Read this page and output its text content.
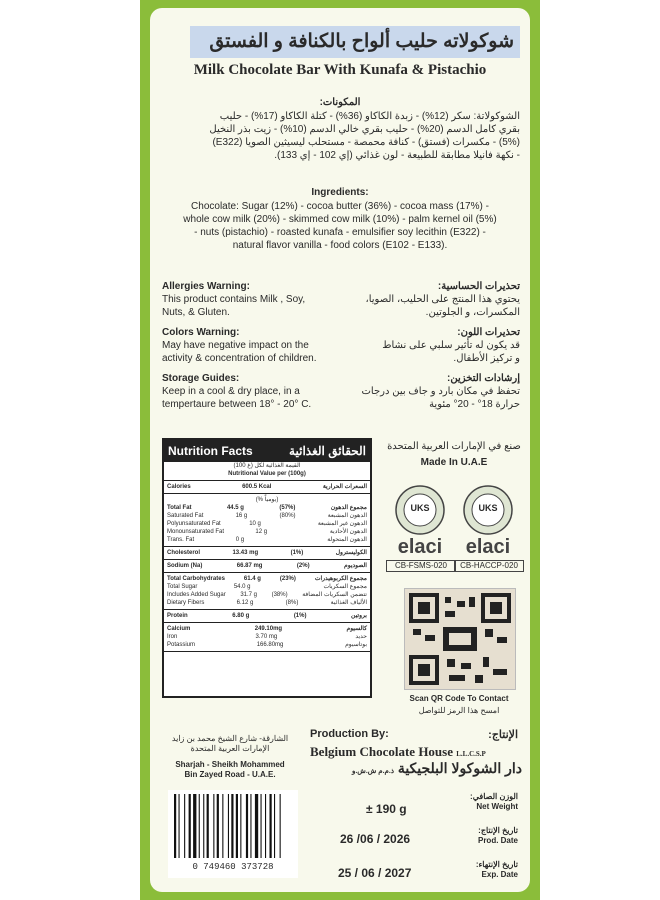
شوكولاته حليب ألواح بالكنافة و الفستق
Milk Chocolate Bar With Kunafa & Pistachio
المكونات:
الشوكولاتة: سكر (12%) - زبدة الكاكاو (36%) - كتلة الكاكاو (17%) - حليب
بقري كامل الدسم (20%) - حليب بقري خالي الدسم (10%) - زيت بذر النخيل
(5%) - مكسرات (فستق) - كنافة محمصة - مستحلب ليسيثين الصويا (E322)
- نكهة فانيلا مطابقة للطبيعة - لون غذائي (إي 102 - إي 133).
Ingredients:
Chocolate: Sugar (12%) - cocoa butter (36%) - cocoa mass (17%) -
whole cow milk (20%) - skimmed cow milk (10%) - palm kernel oil (5%)
- nuts (pistachio) - roasted kunafa - emulsifier soy lecithin (E322) -
natural flavor vanilla - food colors (E102 - E133).
Allergies Warning:
This product contains Milk , Soy,
Nuts, & Gluten.
Colors Warning:
May have negative impact on the
activity & concentration of children.
Storage Guides:
Keep in a cool & dry place, in a
tempertaure between 18° - 20° C.
تحذيرات الحساسية:
يحتوي هذا المنتج على الحليب، الصويا،
المكسرات، و الجلوتين.
تحذيرات اللون:
قد يكون له تأثير سلبي على نشاط
و تركيز الأطفال.
إرشادات التخزين:
تحفظ في مكان بارد و جاف بين درجات
حرارة 18° - 20° مئوية
Nutrition Facts	الحقائق الغذائية
(100 غ) القيمة الغذائية لكل
Nutritional Value per (100g)
Calories	600.5 Kcal	السعرات الحرارية
(% يومياً)
Total Fat	44.5 g	(57%)	مجموع الدهون
Saturated Fat	16 g	(80%)	الدهون المشبعة
Polyunsaturated Fat	10 g	الدهون غير المشبعة
Monounsaturated Fat	12 g	الدهون الأحادية
Trans. Fat	0 g	الدهون المتحولة
Cholesterol	13.43 mg	(1%)	الكوليسترول
Sodium (Na)	66.87 mg	(2%)	الصوديوم
Total Carbohydrates	61.4 g	(23%)	مجموع الكربوهيدرات
Total Sugar	54.0 g	مجموع السكريات
Includes Added Sugar 31.7 g (38%) تتضمن السكريات المضافة
Dietary Fibers	6.12 g	(8%)	الألياف الغذائية
Protein	6.80 g	(1%)	بروتين
Calcium	249.10mg	كالسيوم
Iron	3.70 mg	حديد
Potassium	166.80mg	بوتاسيوم
صنع في الإمارات العربية المتحدة
Made In U.A.E
UKS
elaci
CB-FSMS-020
UKS
elaci
CB-HACCP-020
Scan QR Code To Contact
امسح هذا الرمز للتواصل
الشارقة- شارع الشيخ محمد بن زايد
الإمارات العربية المتحدة
Sharjah - Sheikh Mohammed
Bin Zayed Road - U.A.E.
Production By:	الإنتاج:
Belgium Chocolate House L.L.C.S.P
دار الشوكولا البلجيكية ذ.م.م ش.ش.و
± 190 g
الوزن الصافي:
Net Weight
26 /06 / 2026
تاريخ الإنتاج:
Prod. Date
25 / 06 / 2027
تاريخ الإنتهاء:
Exp. Date
0 749460 373728
